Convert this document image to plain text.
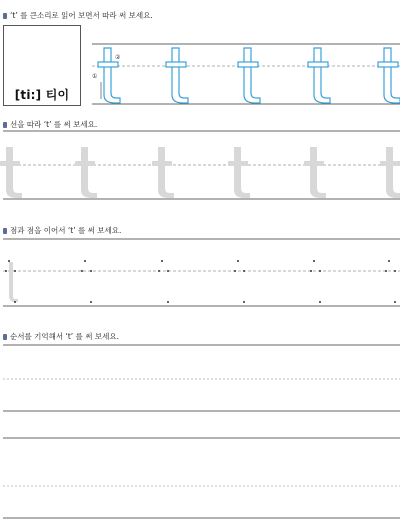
‘t’ 를 큰소리로 읽어 보면서 따라 써 보세요.
선을 따라 ‘t’ 를 써 보세요.
점과 점을 이어서 ‘t’ 를 써 보세요.
순서를 기억해서 ‘t’ 를 써 보세요.
①
②
[ti:] 티이
